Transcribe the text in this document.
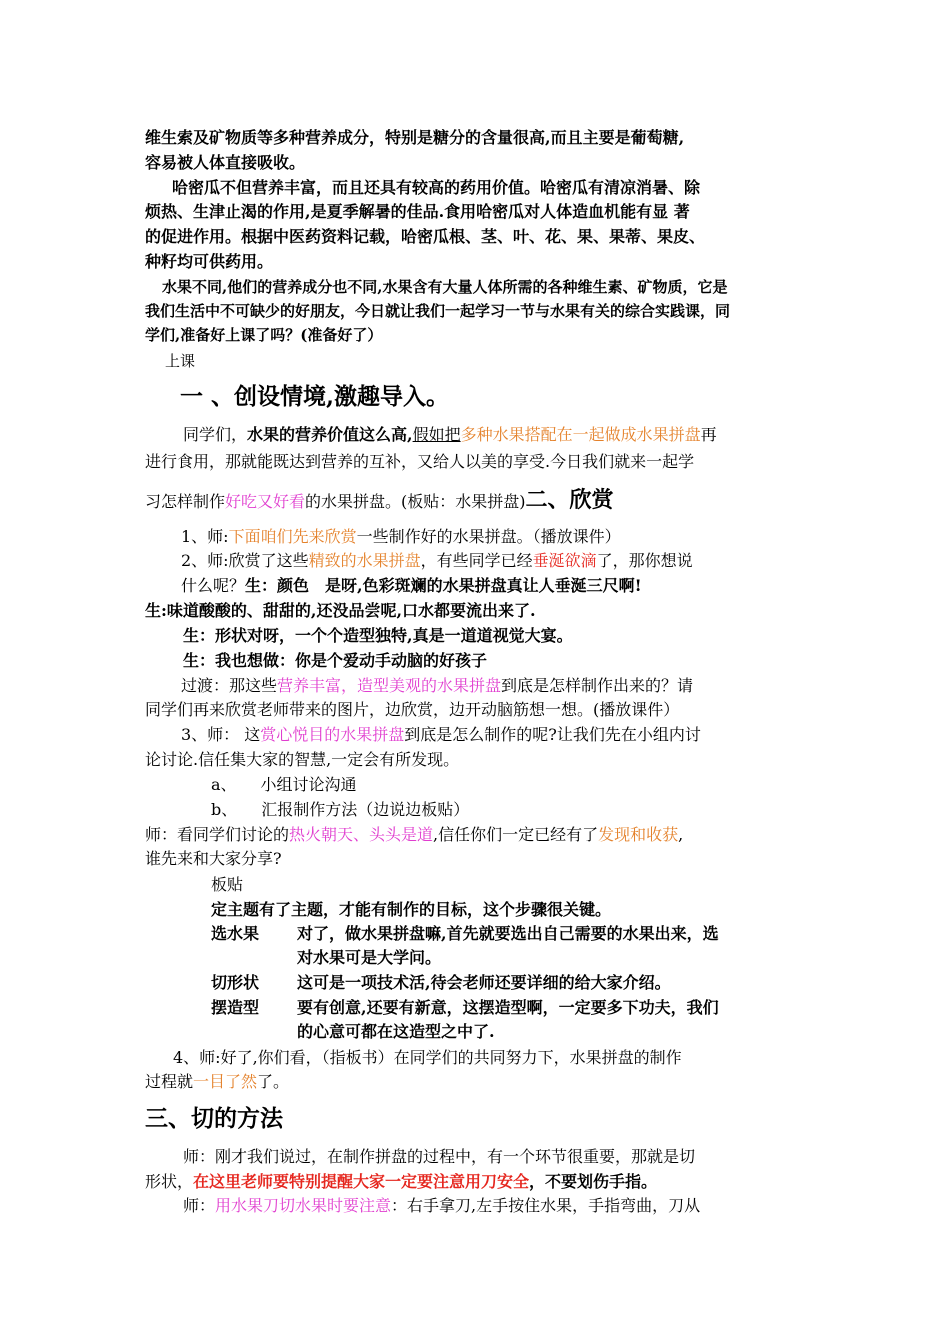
维生索及矿物质等多种营养成分，特别是糖分的含量很高,而且主要是葡萄糖,
容易被人体直接吸收。
哈密瓜不但营养丰富，而且还具有较高的药用价值。哈密瓜有清凉消暑、除
烦热、生津止渴的作用,是夏季解暑的佳品.食用哈密瓜对人体造血机能有显 著
的促进作用。根据中医药资料记载，哈密瓜根、茎、叶、花、果、果蒂、果皮、
种籽均可供药用。
水果不同,他们的营养成分也不同,水果含有大量人体所需的各种维生素、矿物质，它是
我们生活中不可缺少的好朋友，今日就让我们一起学习一节与水果有关的综合实践课，同
学们,准备好上课了吗？(准备好了）
上课
一 、创设情境,激趣导入。
同学们，水果的营养价值这么高,假如把多种水果搭配在一起做成水果拼盘再
进行食用，那就能既达到营养的互补，又给人以美的享受.今日我们就来一起学
习怎样制作好吃又好看的水果拼盘。(板贴：水果拼盘)二、欣赏
1、师:下面咱们先来欣赏一些制作好的水果拼盘。（播放课件）
2、师:欣赏了这些精致的水果拼盘，有些同学已经垂涎欲滴了，那你想说
什么呢？生：颜色　是呀,色彩斑斓的水果拼盘真让人垂涎三尺啊!
生:味道酸酸的、甜甜的,还没品尝呢,口水都要流出来了.
生：形状对呀，一个个造型独特,真是一道道视觉大宴。
生：我也想做：你是个爱动手动脑的好孩子
过渡：那这些营养丰富，造型美观的水果拼盘到底是怎样制作出来的？请
同学们再来欣赏老师带来的图片，边欣赏，边开动脑筋想一想。(播放课件）
3、师： 这赏心悦目的水果拼盘到底是怎么制作的呢?让我们先在小组内讨
论讨论.信任集大家的智慧,一定会有所发现。
a、　　小组讨论沟通
b、　　汇报制作方法（边说边板贴）
师：看同学们讨论的热火朝天、头头是道,信任你们一定已经有了发现和收获,
谁先来和大家分享?
板贴
定主题有了主题，才能有制作的目标，这个步骤很关键。
选水果 对了，做水果拼盘嘛,首先就要选出自己需要的水果出来，选
对水果可是大学问。
切形状 这可是一项技术活,待会老师还要详细的给大家介绍。
摆造型 要有创意,还要有新意，这摆造型啊，一定要多下功夫，我们
的心意可都在这造型之中了.
4、师:好了,你们看，（指板书）在同学们的共同努力下，水果拼盘的制作
过程就一目了然了。
三、切的方法
师：刚才我们说过，在制作拼盘的过程中，有一个环节很重要，那就是切
形状，在这里老师要特别提醒大家一定要注意用刀安全，不要划伤手指。
师：用水果刀切水果时要注意：右手拿刀,左手按住水果，手指弯曲，刀从
